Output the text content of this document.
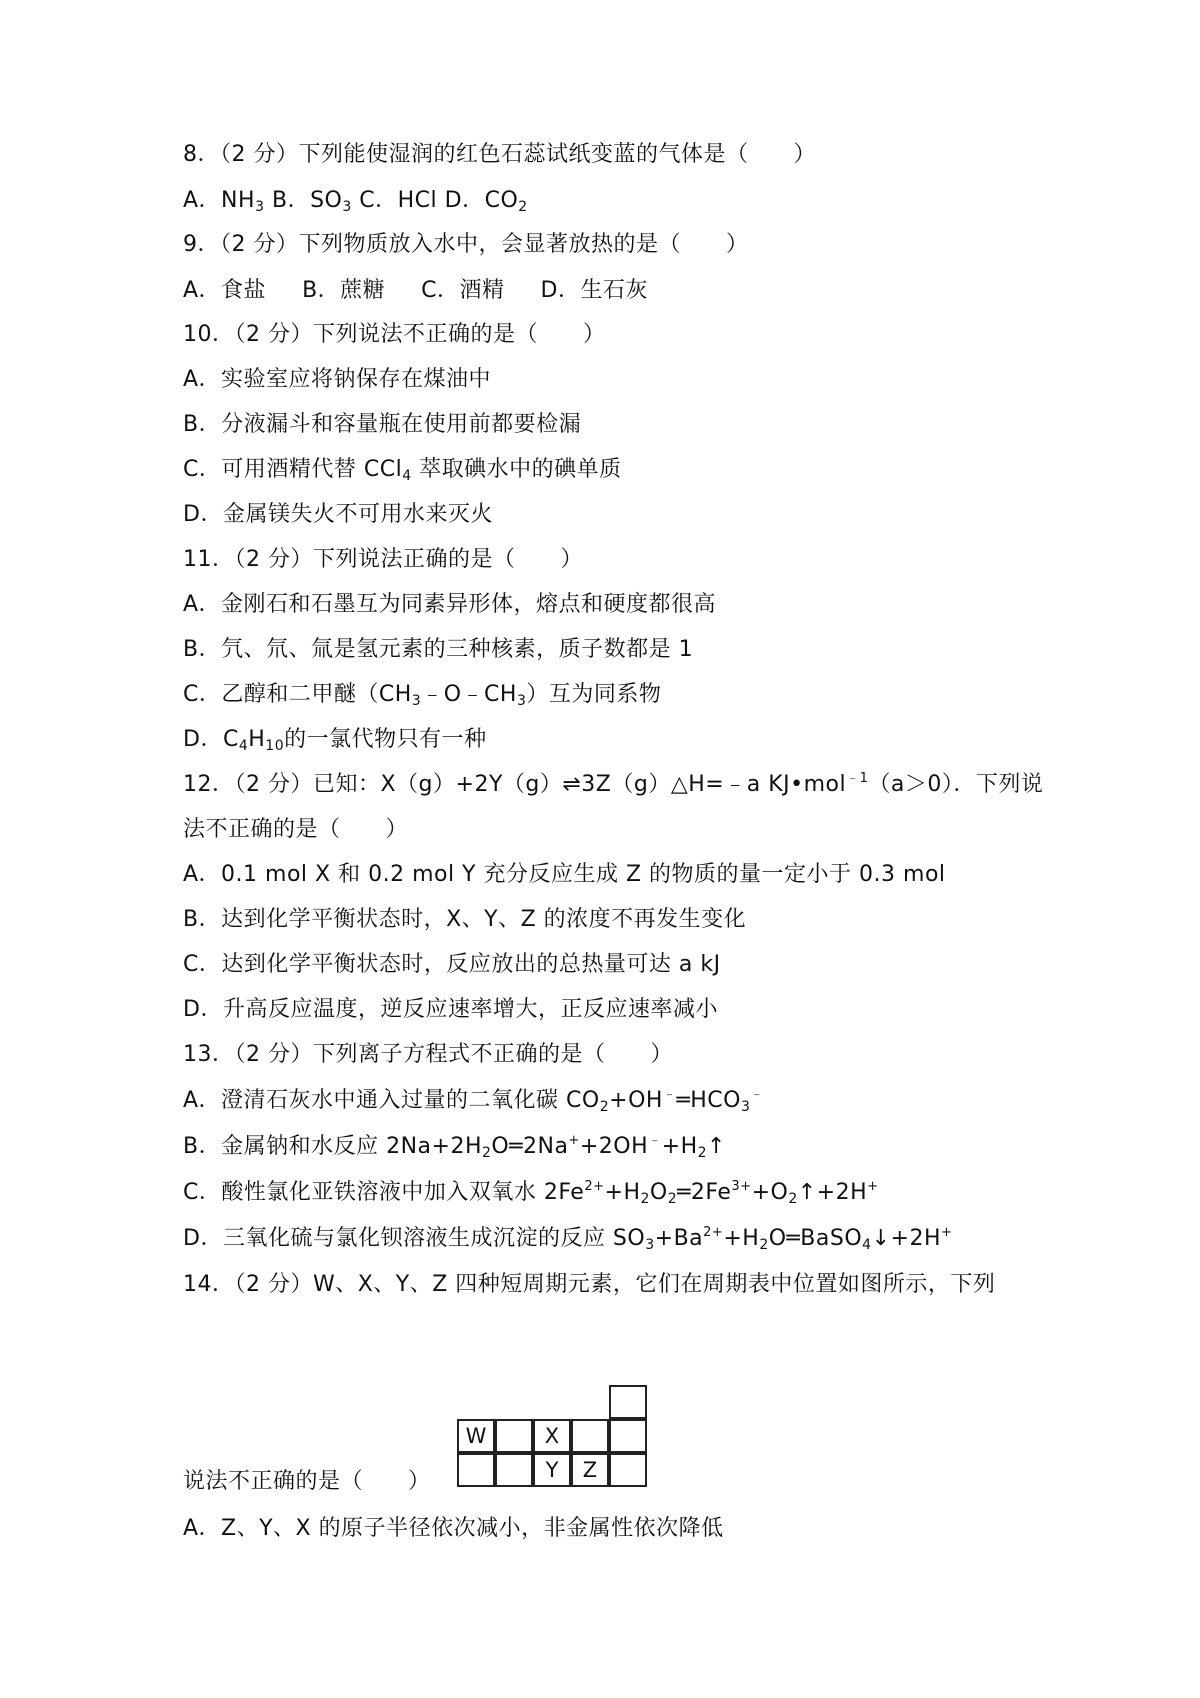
8．（2 分）下列能使湿润的红色石蕊试纸变蓝的气体是（　　）
A．$NH_3$ B．$SO_3$ C．HCl D．$CO_2$
9．（2 分）下列物质放入水中，会显著放热的是（　　）
A．食盐 B．蔗糖 C．酒精 D．生石灰
10．（2 分）下列说法不正确的是（　　）
A．实验室应将钠保存在煤油中
B．分液漏斗和容量瓶在使用前都要检漏
C．可用酒精代替 CCl$_4$ 萃取碘水中的碘单质
D．金属镁失火不可用水来灭火
11．（2 分）下列说法正确的是（　　）
A．金刚石和石墨互为同素异形体，熔点和硬度都很高
B．氕、氘、氚是氢元素的三种核素，质子数都是 1
C．乙醇和二甲醚$(CH_3﹣O﹣CH_3)$互为同系物
D．$C_4H_{10}$的一氯代物只有一种
12．（2 分）已知：X（g）+2Y（g）⇌3Z（g）△H=﹣a KJ•mol$^{﹣1}$（a＞0）．下列说
法不正确的是（　　）
A．0.1 mol X 和 0.2 mol Y 充分反应生成 Z 的物质的量一定小于 0.3 mol
B．达到化学平衡状态时，X、Y、Z 的浓度不再发生变化
C．达到化学平衡状态时，反应放出的总热量可达 a kJ
D．升高反应温度，逆反应速率增大，正反应速率减小
13．（2 分）下列离子方程式不正确的是（　　）
A．澄清石灰水中通入过量的二氧化碳 $CO_2+OH^﹣═HCO_3^﹣$
B．金属钠和水反应 $2Na+2H_2O═2Na^++2OH^﹣+H_2↑$
C．酸性氯化亚铁溶液中加入双氧水 $2Fe^{2+}+H_2O_2═2Fe^{3+}+O_2↑+2H^+$
D．三氧化硫与氯化钡溶液生成沉淀的反应 $SO_3+Ba^{2+}+H_2O═BaSO_4↓+2H^+$
14．（2 分）W、X、Y、Z 四种短周期元素，它们在周期表中位置如图所示，下列
W	X
Y	Z
说法不正确的是（　　）
A．Z、Y、X 的原子半径依次减小，非金属性依次降低
